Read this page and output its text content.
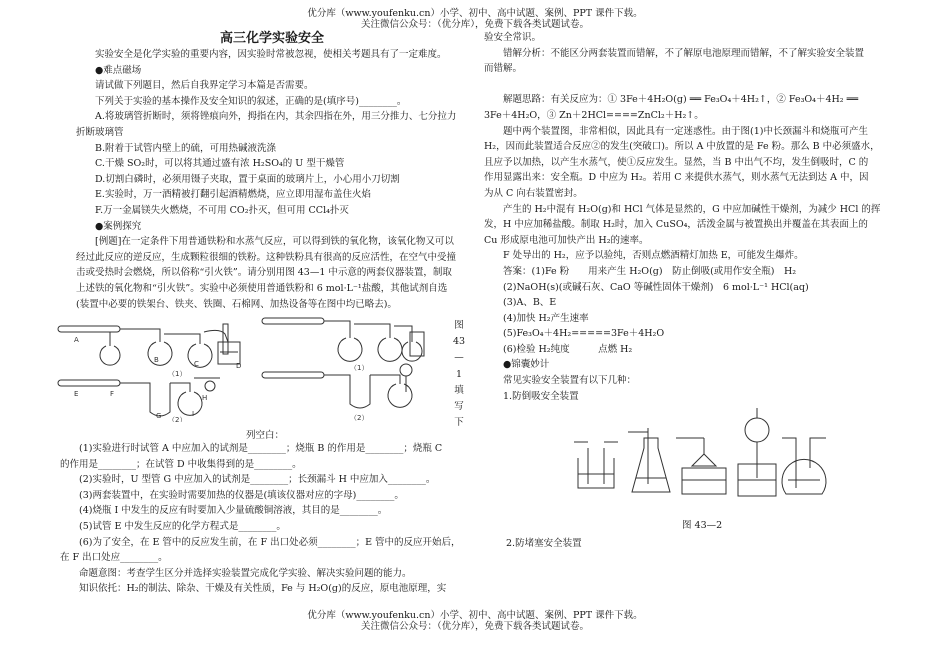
优分库（www.youfenku.cn）小学、初中、高中试题、案例、PPT 课件下载。
关注微信公众号：（优分库），免费下载各类试题试卷。

高三化学实验安全

实验安全是化学实验的重要内容，因实验时常被忽视，使相关考题具有了一定难度。

●难点磁场

请试做下列题目，然后自我界定学习本篇是否需要。

下列关于实验的基本操作及安全知识的叙述，正确的是(填序号)________。

A.将玻璃管折断时，须将锉痕向外，拇指在内，其余四指在外，用三分推力、七分拉力

折断玻璃管

B.附着于试管内壁上的硫，可用热碱液洗涤

C.干燥 SO₂时，可以将其通过盛有浓 H₂SO₄的 U 型干燥管

D.切割白磷时，必须用镊子夹取，置于桌面的玻璃片上，小心用小刀切割

E.实验时，万一酒精被打翻引起酒精燃烧，应立即用湿布盖住火焰

F.万一金属镁失火燃烧，不可用 CO₂扑灭，但可用 CCl₄扑灭

●案例探究

[例题]在一定条件下用普通铁粉和水蒸气反应，可以得到铁的氧化物，该氧化物又可以

经过此反应的逆反应，生成颗粒很细的铁粉。这种铁粉具有很高的反应活性，在空气中受撞

击或受热时会燃烧，所以俗称“引火铁”。请分别用图 43—1 中示意的两套仪器装置，制取

上述铁的氧化物和“引火铁”。实验中必须使用普通铁粉和 6 mol·L⁻¹盐酸，其他试剂自选

(装置中必要的铁架台、铁夹、铁圈、石棉网、加热设备等在图中均已略去)。

A
B	C	D
E	F
G
H
I
（1）
（2）
（1）
（2）
图
43
—
1
填
写
下
列空白：

(1)实验进行时试管 A 中应加入的试剂是________；烧瓶 B 的作用是________；烧瓶 C

的作用是________；在试管 D 中收集得到的是________。

(2)实验时，U 型管 G 中应加入的试剂是________；长颈漏斗 H 中应加入________。

(3)两套装置中，在实验时需要加热的仪器是(填该仪器对应的字母)________。

(4)烧瓶 I 中发生的反应有时要加入少量硫酸铜溶液，其目的是________。

(5)试管 E 中发生反应的化学方程式是________。

(6)为了安全，在 E 管中的反应发生前，在 F 出口处必须________；E 管中的反应开始后，

在 F 出口处应________。

命题意图：考查学生区分并选择实验装置完成化学实验、解决实验问题的能力。

知识依托：H₂的制法、除杂、干燥及有关性质，Fe 与 H₂O(g)的反应，原电池原理，实

验安全常识。

错解分析：不能区分两套装置而错解，不了解原电池原理而错解，不了解实验安全装置

而错解。

解题思路：有关反应为：① 3Fe＋4H₂O(g) ══ Fe₃O₄＋4H₂↑，② Fe₃O₄＋4H₂ ══

3Fe＋4H₂O，③ Zn＋2HCl====ZnCl₂＋H₂↑。

题中两个装置图，非常相似，因此具有一定迷惑性。由于图(1)中长颈漏斗和烧瓶可产生

H₂，因而此装置适合反应②的发生(突破口)。所以 A 中放置的是 Fe 粉。那么 B 中必须盛水，

且应予以加热，以产生水蒸气，使①反应发生。显然，当 B 中出气不均，发生倒吸时，C 的

作用显露出来：安全瓶。D 中应为 H₂。若用 C 来提供水蒸气，则水蒸气无法到达 A 中，因

为从 C 向右装置密封。

产生的 H₂中混有 H₂O(g)和 HCl 气体是显然的，G 中应加碱性干燥剂，为减少 HCl 的挥

发，H 中应加稀盐酸。制取 H₂时，加入 CuSO₄，活泼金属与被置换出并覆盖在其表面上的

Cu 形成原电池可加快产出 H₂的速率。

F 处导出的 H₂，应予以验纯，否则点燃酒精灯加热 E，可能发生爆炸。

答案：(1)Fe 粉　　用来产生 H₂O(g)　防止倒吸(或用作安全瓶)　H₂

(2)NaOH(s)(或碱石灰、CaO 等碱性固体干燥剂)　6 mol·L⁻¹ HCl(aq)

(3)A、B、E

(4)加快 H₂产生速率

(5)Fe₃O₄＋4H₂=====3Fe＋4H₂O

(6)检验 H₂纯度　　　点燃 H₂

●锦囊妙计

常见实验安全装置有以下几种：

1.防倒吸安全装置

图 43—2
2.防堵塞安全装置
优分库（www.youfenku.cn）小学、初中、高中试题、案例、PPT 课件下载。
关注微信公众号：（优分库），免费下载各类试题试卷。
